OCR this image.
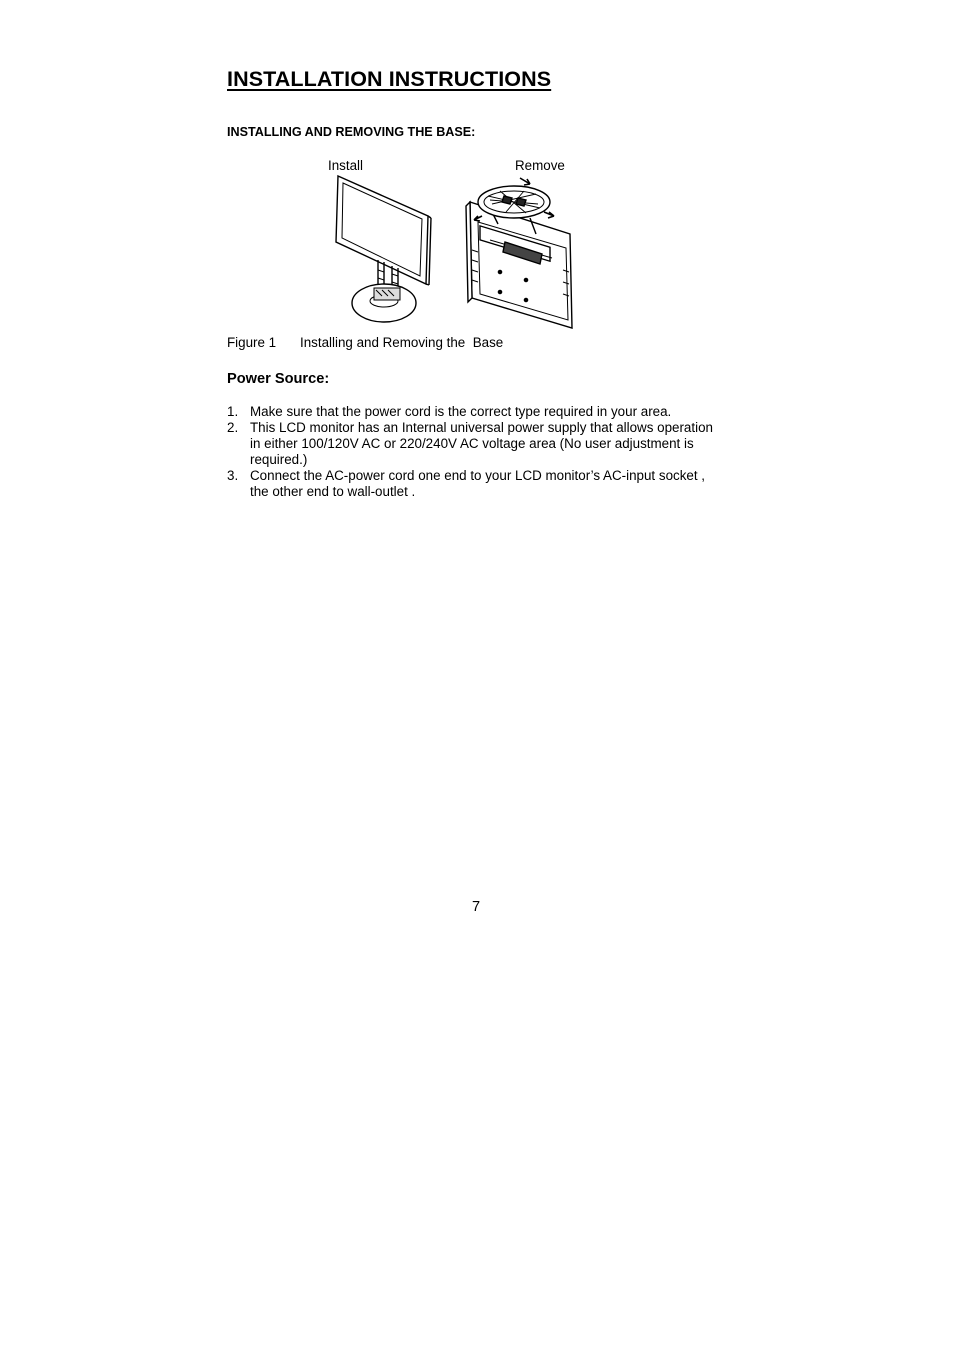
INSTALLATION INSTRUCTIONS
INSTALLING AND REMOVING THE BASE:
Install	Remove
Figure 1 Installing and Removing the  Base
Power Source:
1. Make sure that the power cord is the correct type required in your area.
2. This LCD monitor has an Internal universal power supply that allows operation in either 100/120V AC or 220/240V AC voltage area (No user adjustment is required.)
3. Connect the AC-power cord one end to your LCD monitor’s AC-input socket , the other end to wall-outlet .
7
